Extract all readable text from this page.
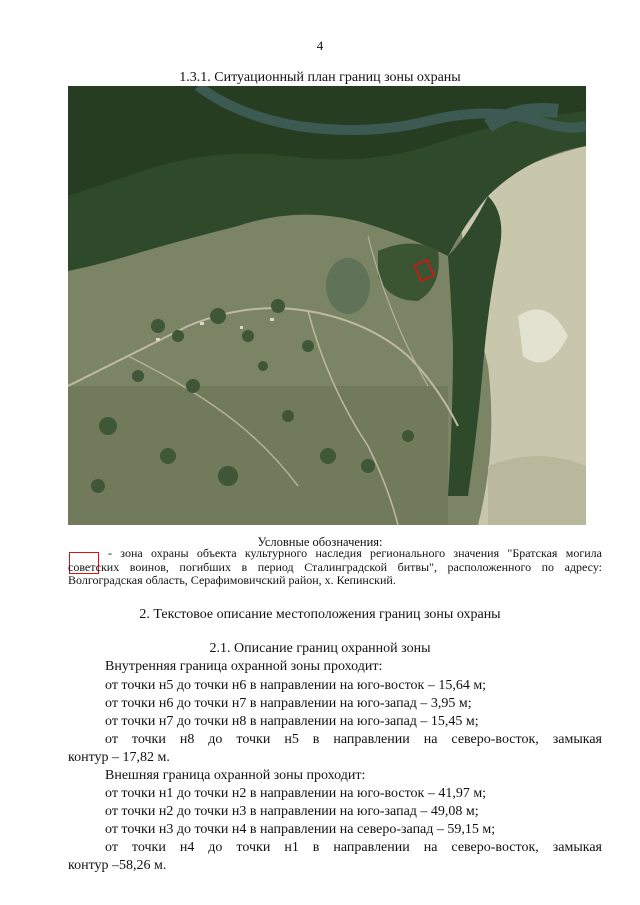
4
1.3.1. Ситуационный план границ зоны охраны
Условные обозначения:
- зона охраны объекта культурного наследия регионального значения "Братская могила советских воинов, погибших в период Сталинградской битвы", расположенного по адресу: Волгоградская область, Серафимовичский район, х. Кепинский.
2. Текстовое описание местоположения границ зоны охраны
2.1. Описание границ охранной зоны
Внутренняя граница охранной зоны проходит:
от точки н5 до точки н6 в направлении на юго-восток – 15,64 м;
от точки н6 до точки н7 в направлении на юго-запад – 3,95 м;
от точки н7 до точки н8 в направлении на юго-запад – 15,45 м;
от точки н8 до точки н5 в направлении на северо-восток, замыкая
контур – 17,82 м.
Внешняя граница охранной зоны проходит:
от точки н1 до точки н2 в направлении на юго-восток – 41,97 м;
от точки н2 до точки н3 в направлении на юго-запад – 49,08 м;
от точки н3 до точки н4 в направлении на северо-запад – 59,15 м;
от точки н4 до точки н1 в направлении на северо-восток, замыкая
контур –58,26 м.
